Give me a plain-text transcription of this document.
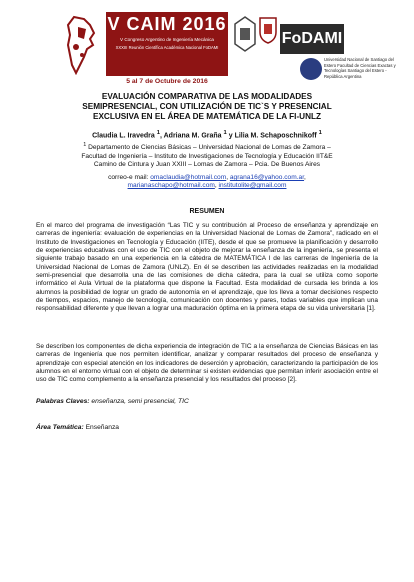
V CAIM 2016
V Congreso Argentino de Ingeniería Mecánica
XXXIII Reunión Científica Académica Nacional FoDAMI
5 al 7 de Octubre de 2016
FoDAMI
Universidad Nacional de Santiago del Estero Facultad de Ciencias Exactas y Tecnologías Santiago del Estero - República Argentina
EVALUACIÓN COMPARATIVA DE LAS MODALIDADES
SEMIPRESENCIAL, CON UTILIZACIÓN DE TIC`S Y PRESENCIAL
EXCLUSIVA EN EL ÁREA DE MATEMÁTICA DE LA FI-UNLZ
Claudia L. Iravedra $^1$, Adriana M. Graña $^1$ y Lilia M. Schaposchnikoff $^1$
$^1$ Departamento de Ciencias Básicas – Universidad Nacional de Lomas de Zamora –
Facultad de Ingeniería – Instituto de Investigaciones de Tecnología y Educación IIT&E
Camino de Cintura y Juan XXIII – Lomas de Zamora – Pcia. De Buenos Aires
correo-e mail: omaclaudia@hotmail.com, agrana16@yahoo.com.ar,
marianaschapo@hotmail.com, institutolite@gmail.com
RESUMEN
En el marco del programa de investigación “Las TIC y su contribución al Proceso de enseñanza y aprendizaje en carreras de ingeniería: evaluación de experiencias en la Universidad Nacional de Lomas de Zamora”, radicado en el Instituto de Investigaciones en Tecnología y Educación (IITE), desde el que se promueve la planificación y desarrollo de experiencias educativas con el uso de TIC con el objeto de mejorar la enseñanza de la ingeniería, se presenta el siguiente trabajo basado en una experiencia en la cátedra de MATEMÁTICA I de las carreras de Ingeniería de la Universidad Nacional de Lomas de Zamora (UNLZ). En él se describen las actividades realizadas en la modalidad semi-presencial que desarrolla una de las comisiones de dicha cátedra, para la cual se utiliza como soporte informático el Aula Virtual de la plataforma que dispone la Facultad. Esta modalidad de cursada les brinda a los alumnos la posibilidad de lograr un grado de autonomía en el aprendizaje, que los lleva a tomar decisiones respecto de tiempos, espacios, manejo de tecnología, comunicación con docentes y pares, todas variables que implican una responsabilidad diferente y que llevan a lograr una maduración óptima en la primera etapa de su vida universitaria [1].
Se describen los componentes de dicha experiencia de integración de TIC a la enseñanza de Ciencias Básicas en las carreras de Ingeniería que nos permiten identificar, analizar y comparar resultados del proceso de enseñanza y aprendizaje con especial atención en los indicadores de deserción y aprobación, caracterizando la participación de los alumnos en el entorno virtual con el objeto de determinar si existen evidencias que permitan inferir asociación entre el uso de TIC como complemento a la enseñanza presencial y los resultados del proceso [2].
Palabras Claves: enseñanza, semi presencial, TIC
Área Temática: Enseñanza
